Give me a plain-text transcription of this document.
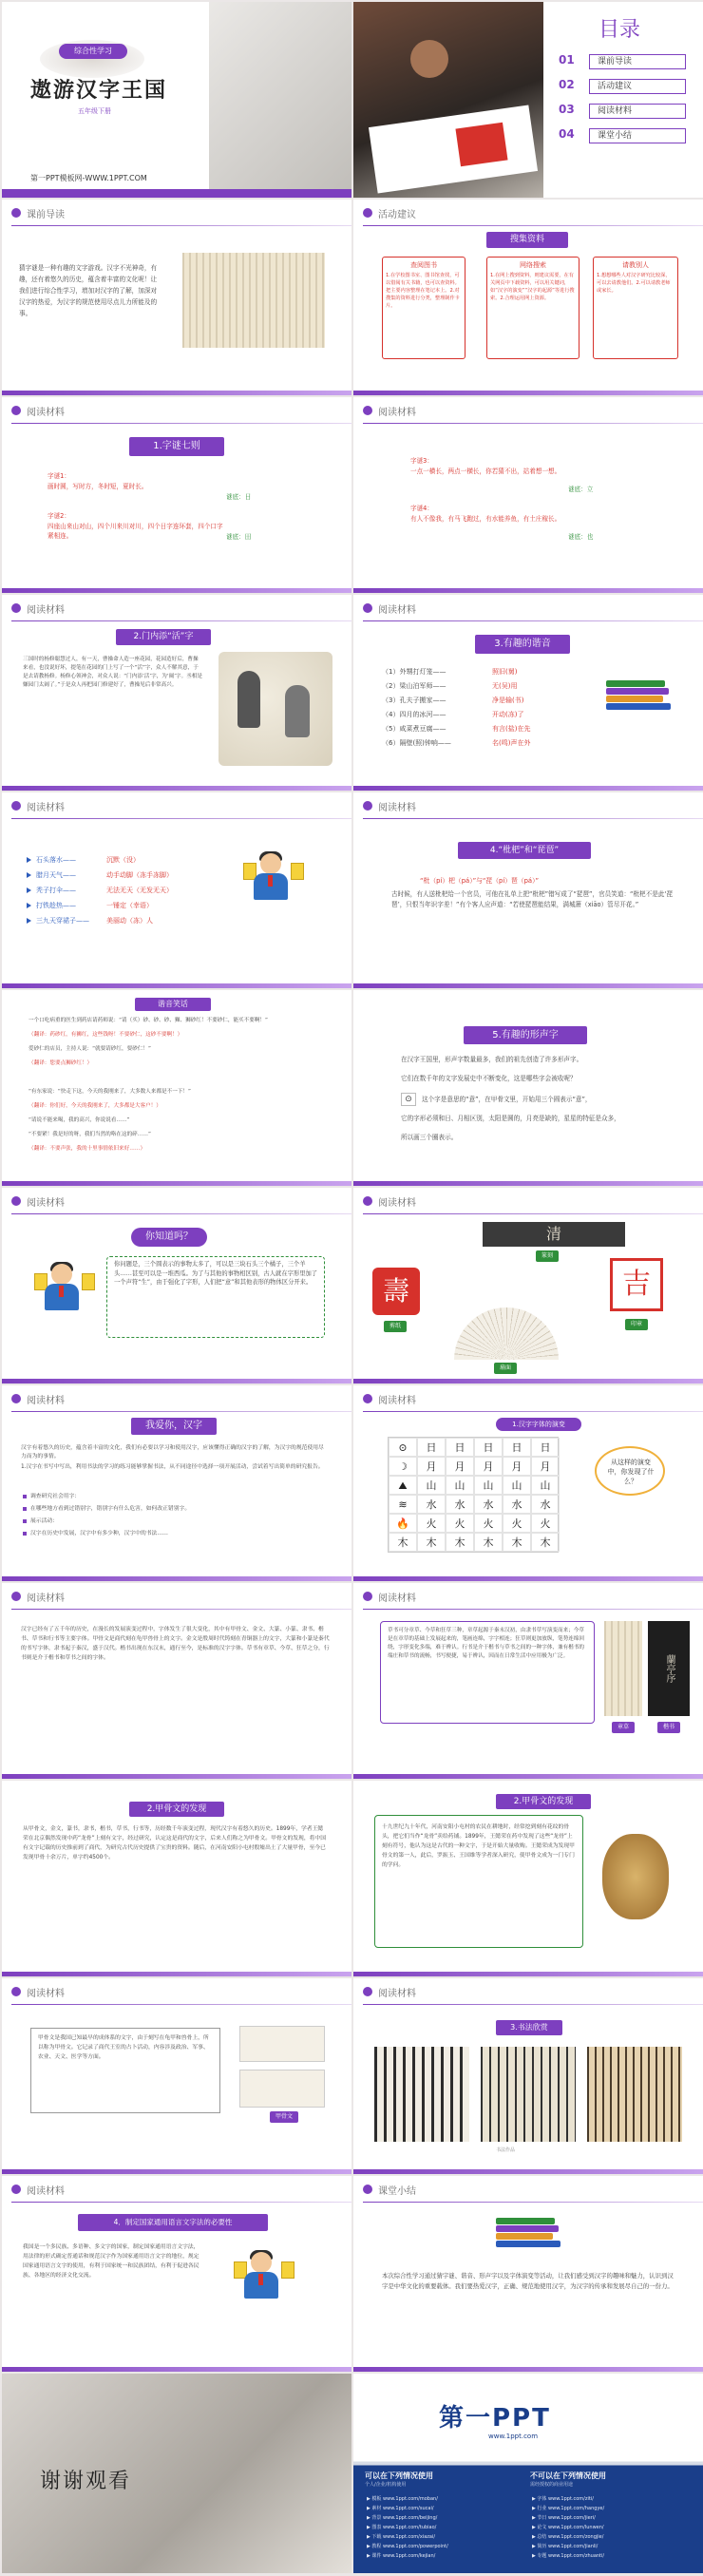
综合性学习
遨游汉字王国
五年级下册
第一PPT模板网-WWW.1PPT.COM
目录
01	课前导读
02	活动建议
03	阅读材料
04	课堂小结
课前导读
猜字谜是一种有趣的文字游戏。汉字不光神奇，有趣，还有着悠久的历史，蕴含着丰富的文化呢！让我们进行综合性学习，增加对汉字的了解，加深对汉字的热爱，为汉字的规范使用尽点儿力所能及的事。
活动建议
搜集资料
查阅图书
1.在学校图书室、图书馆查找，可以借阅有关书籍，也可以查资料。把主要内容整理在笔记本上。2.对搜集的资料进行分类，整理制作卡片。
网络搜索
1.在网上搜到资料，则建议需要，在有关网页中下载资料，可以用关键词，如“汉字的演变”“汉字的起源”等进行搜索。2.合理运用网上资源。
请教别人
1.想想哪些人对汉字研究比较深，可以去请教他们。2.可以请教老师或家长。
阅读材料
1.字谜七则
字谜1：
画时圆，写时方，冬时短，夏时长。
谜底：日
字谜2：
四座山来山对山，四个川来川对川，四个日字连环套，四个口字紧相连。	谜底：田
阅读材料
字谜3：
一点一横长，两点一横长，你若猜不出，站着想一想。
谜底：立
字谜4：
有人不像我，有马飞跑过，有水能养鱼，有土庄稼长。
谜底：也
阅读材料
2.门内添“活”字
三国时的杨修聪慧过人，有一天，曹操命人造一座花园，花园造好后，曹操来看，也没说好坏，提笔在花园的门上写了一个“活”字，众人不解其意，于是去请教杨修。杨修心领神会，对众人说：“门内添‘活’字，为‘阔’字。丞相是嫌园门太阔了。”于是众人再把园门修建好了，曹操见后非常高兴。
阅读材料
3.有趣的谐音
（1）外甥打灯笼——	照旧(舅)
（2）梁山泊军师——	无(吴)用
（3）孔夫子搬家——	净是输(书)
（4）四月的冰河——	开动(冻)了
（5）咸菜煮豆腐——	有言(盐)在先
（6）隔壁(照)钟响——	名(鸣)声在外
阅读材料
石头落水——	沉默（没）
腊月天气——	动手动脚（冻手冻脚）
秃子打伞——	无法无天（无发无天）
打铁趁热——	一锤定（幸语）
三九天穿裙子——	美丽动（冻）人
阅读材料
4.“枇杷”和“琵琶”
“枇（pí）杷（pá）”与“琵（pí）琶（pá）”
古时候，有人送枇杷给一个官员，可他在礼单上把“枇杷”错写成了“琵琶”，官员笑道：“枇杷不是此‘琵琶’，只恨当年识字差！”有个客人应声道：“若使琵琶能结果，满城箫（xiāo）管尽开花。”
谐音笑话
一个口吃病重的医生到药店请药师说：“请（买）砂、砂、砂、狮、狮砂红！不要砂仁，能买不要啊！”
（翻译：药砂红，有狮红，这些钱呀！不要砂仁，这砂不要啊！）
爱砂仁的店员，主持人说：“就要请砂红，要砂仁！”
（翻译：您要点狮砂红！）
“有东家说：“快走下这，今天的我刚来了，大多数人来都是不一下！”
（翻译：你们好，今天的我刚来了，大多都是大客户！）
“请说不能来喝，我的高兴，你说说看……”
“不要紧！我是好的呀，我们当然的咯在这的碎……”
（翻译：不要声张，我的十里事情依旧来好……）
5.有趣的形声字
在汉字王国里，形声字数量最多，我们的祖先创造了许多形声字。
它们在数千年的文字发展史中不断变化，这是哪些字会被收呢？
⊙	这个字是意思的“意”，在甲骨文里，开始用三个圆表示“意”，
它的字形必须和日、月相区别，太阳是圆的，月亮是缺的，星星的特征是众多，
所以画三个圈表示。
阅读材料
你知道吗？
你问题是，三个圆表示的事物太多了，可以是三块石头三个橘子，三个羊头……甚至可以是一堆西瓜。为了与其他的事物相区别，古人就在字形里加了一个声符“生”，由于强化了字形，人们把“意”和其他表形的物体区分开来。
阅读材料
清
篆刻
壽
剪纸
吉
印章
扇面
阅读材料
我爱你，汉字
汉字有着悠久的历史，蕴含着丰富的文化，我们有必要以学习和使用汉字，应该懂得正确的汉字的了解，为汉字的规范使用尽力而为的事情。
1.汉字在书写中写出，利用书法的学习的练习能够掌握书法，从不同途径中选择一项开展活动，尝试着写出简单的研究报告。
调查研究社会用字：
在哪些地方看到过错别字，错别字有什么危害，如何改正错别字。
展示活动：
汉字在历史中发展，汉字中有多少种，汉字中的书法……
阅读材料
1.汉字字体的演变
⊙	日	日	日	日	日
☽	月	月	月	月	月
⛰	山	山	山	山	山
≋	水	水	水	水	水
🔥	火	火	火	火	火
木	木	木	木	木	木
从这样的演变中，你发现了什么？
阅读材料
汉字已经有了五千年的历史，在漫长的发展演变过程中，字体发生了很大变化，其中有甲骨文、金文、大篆、小篆、隶书、楷书、草书和行书等主要字体。甲骨文是商代刻在龟甲兽骨上的文字。金文是殷周时代铸刻在青铜器上的文字，大篆和小篆是秦代的书写字体，隶书起于秦汉，盛于汉代。楷书出现在东汉末，通行至今，是标准的汉字字体。草书有章草、今草、狂草之分，行书则是介于楷书和草书之间的字体。
阅读材料
草书可分章草、今草和狂草三种，章草起源于秦末汉初，由隶书草写演变而来；今草是在章草的基础上发展起来的，笔画连绵，字字相连；狂草则更加放纵，笔势连绵回绕，字形变化多端，难于辨认。行书是介于楷书与草书之间的一种字体，兼有楷书的端庄和草书的流畅，书写便捷，易于辨认，因而在日常生活中应用极为广泛。	蘭亭序
章草	楷书
2.甲骨文的发现
从甲骨文，金文，篆书，隶书，楷书，草书，行书等，历经数千年演变过程，现代汉字有着悠久的历史。1899年，学者王懿荣在北京偶然发现中药“龙骨”上刻有文字，经过研究，认定这是商代的文字，后来人们称之为甲骨文。甲骨文的发现，将中国有文字记载的历史推前到了商代，为研究古代历史提供了宝贵的资料。随后，在河南安阳小屯村殷墟出土了大量甲骨，至今已发现甲骨十余万片，单字约4500个。
2.甲骨文的发现
十九世纪九十年代，河南安阳小屯村的农民在耕地时，经常挖到刻有花纹的骨头，把它们当作“龙骨”卖给药铺。1899年，王懿荣在药中发现了这些“龙骨”上刻有符号，他认为这是古代的一种文字，于是开始大量收购。王懿荣成为发现甲骨文的第一人，此后，罗振玉、王国维等学者深入研究，使甲骨文成为一门专门的学问。
阅读材料
甲骨文是我国已知最早的成体系的文字，由于刻写在龟甲和兽骨上，所以称为甲骨文。它记录了商代王室的占卜活动，内容涉及政治、军事、农业、天文、医学等方面。
甲骨文
阅读材料
3.书法欣赏
书法作品
阅读材料
4．制定国家通用语言文字法的必要性
我国是一个多民族、多语种、多文字的国家，制定国家通用语言文字法，用法律的形式确定普通话和规范汉字作为国家通用语言文字的地位，规定国家通用语言文字的使用，有利于国家统一和民族团结，有利于促进各民族、各地区的经济文化交流。
课堂小结
本次综合性学习通过猜字谜、谐音、形声字以及字体演变等活动，让我们感受到汉字的趣味和魅力，认识到汉字是中华文化的重要载体。我们要热爱汉字，正确、规范地使用汉字，为汉字的传承和发展尽自己的一份力。
谢谢观看
第一PPT
www.1ppt.com
可以在下列情况使用
个人/企业/机构使用
不可以在下列情况使用
需经授权的商业用途
▶ 模板 www.1ppt.com/moban/
▶ 素材 www.1ppt.com/sucai/
▶ 背景 www.1ppt.com/beijing/
▶ 图表 www.1ppt.com/tubiao/
▶ 下载 www.1ppt.com/xiazai/
▶ 教程 www.1ppt.com/powerpoint/
▶ 课件 www.1ppt.com/kejian/
▶ 字体 www.1ppt.com/ziti/
▶ 行业 www.1ppt.com/hangye/
▶ 节日 www.1ppt.com/jieri/
▶ 论文 www.1ppt.com/lunwen/
▶ 总结 www.1ppt.com/zongjie/
▶ 简历 www.1ppt.com/jianli/
▶ 专题 www.1ppt.com/zhuanti/
